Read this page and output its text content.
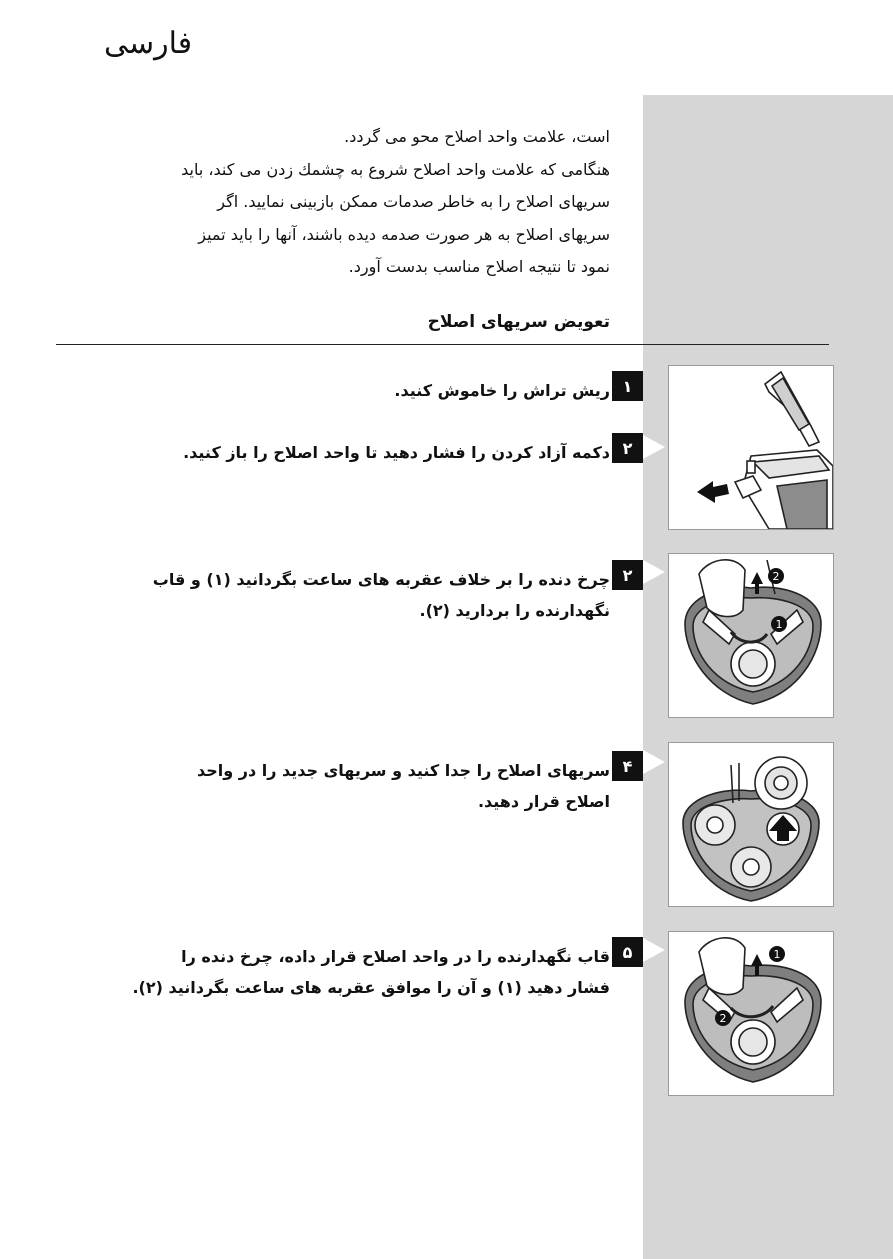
فارسی
است، علامت واحد اصلاح محو می گردد.
هنگامی که علامت واحد اصلاح شروع به چشمك زدن می کند، باید
سریهای اصلاح را به خاطر صدمات ممکن بازبینی نمایید. اگر
سریهای اصلاح به هر صورت صدمه دیده باشند، آنها را باید تمیز
نمود تا نتیجه اصلاح مناسب بدست آورد.
تعویض سریهای اصلاح
۱
ریش تراش را خاموش کنید.
۲
دکمه آزاد کردن را فشار دهید تا واحد اصلاح را باز کنید.
۲
چرخ دنده را بر خلاف عقربه های ساعت بگردانید (۱) و قاب
نگهدارنده را بردارید (۲).
۴
سریهای اصلاح را جدا کنید و سریهای جدید را در واحد
اصلاح قرار دهید.
۵
قاب نگهدارنده را در واحد اصلاح قرار داده، چرخ دنده را
فشار دهید (۱) و آن را موافق عقربه های ساعت بگردانید (۲).
2
1
1
2
